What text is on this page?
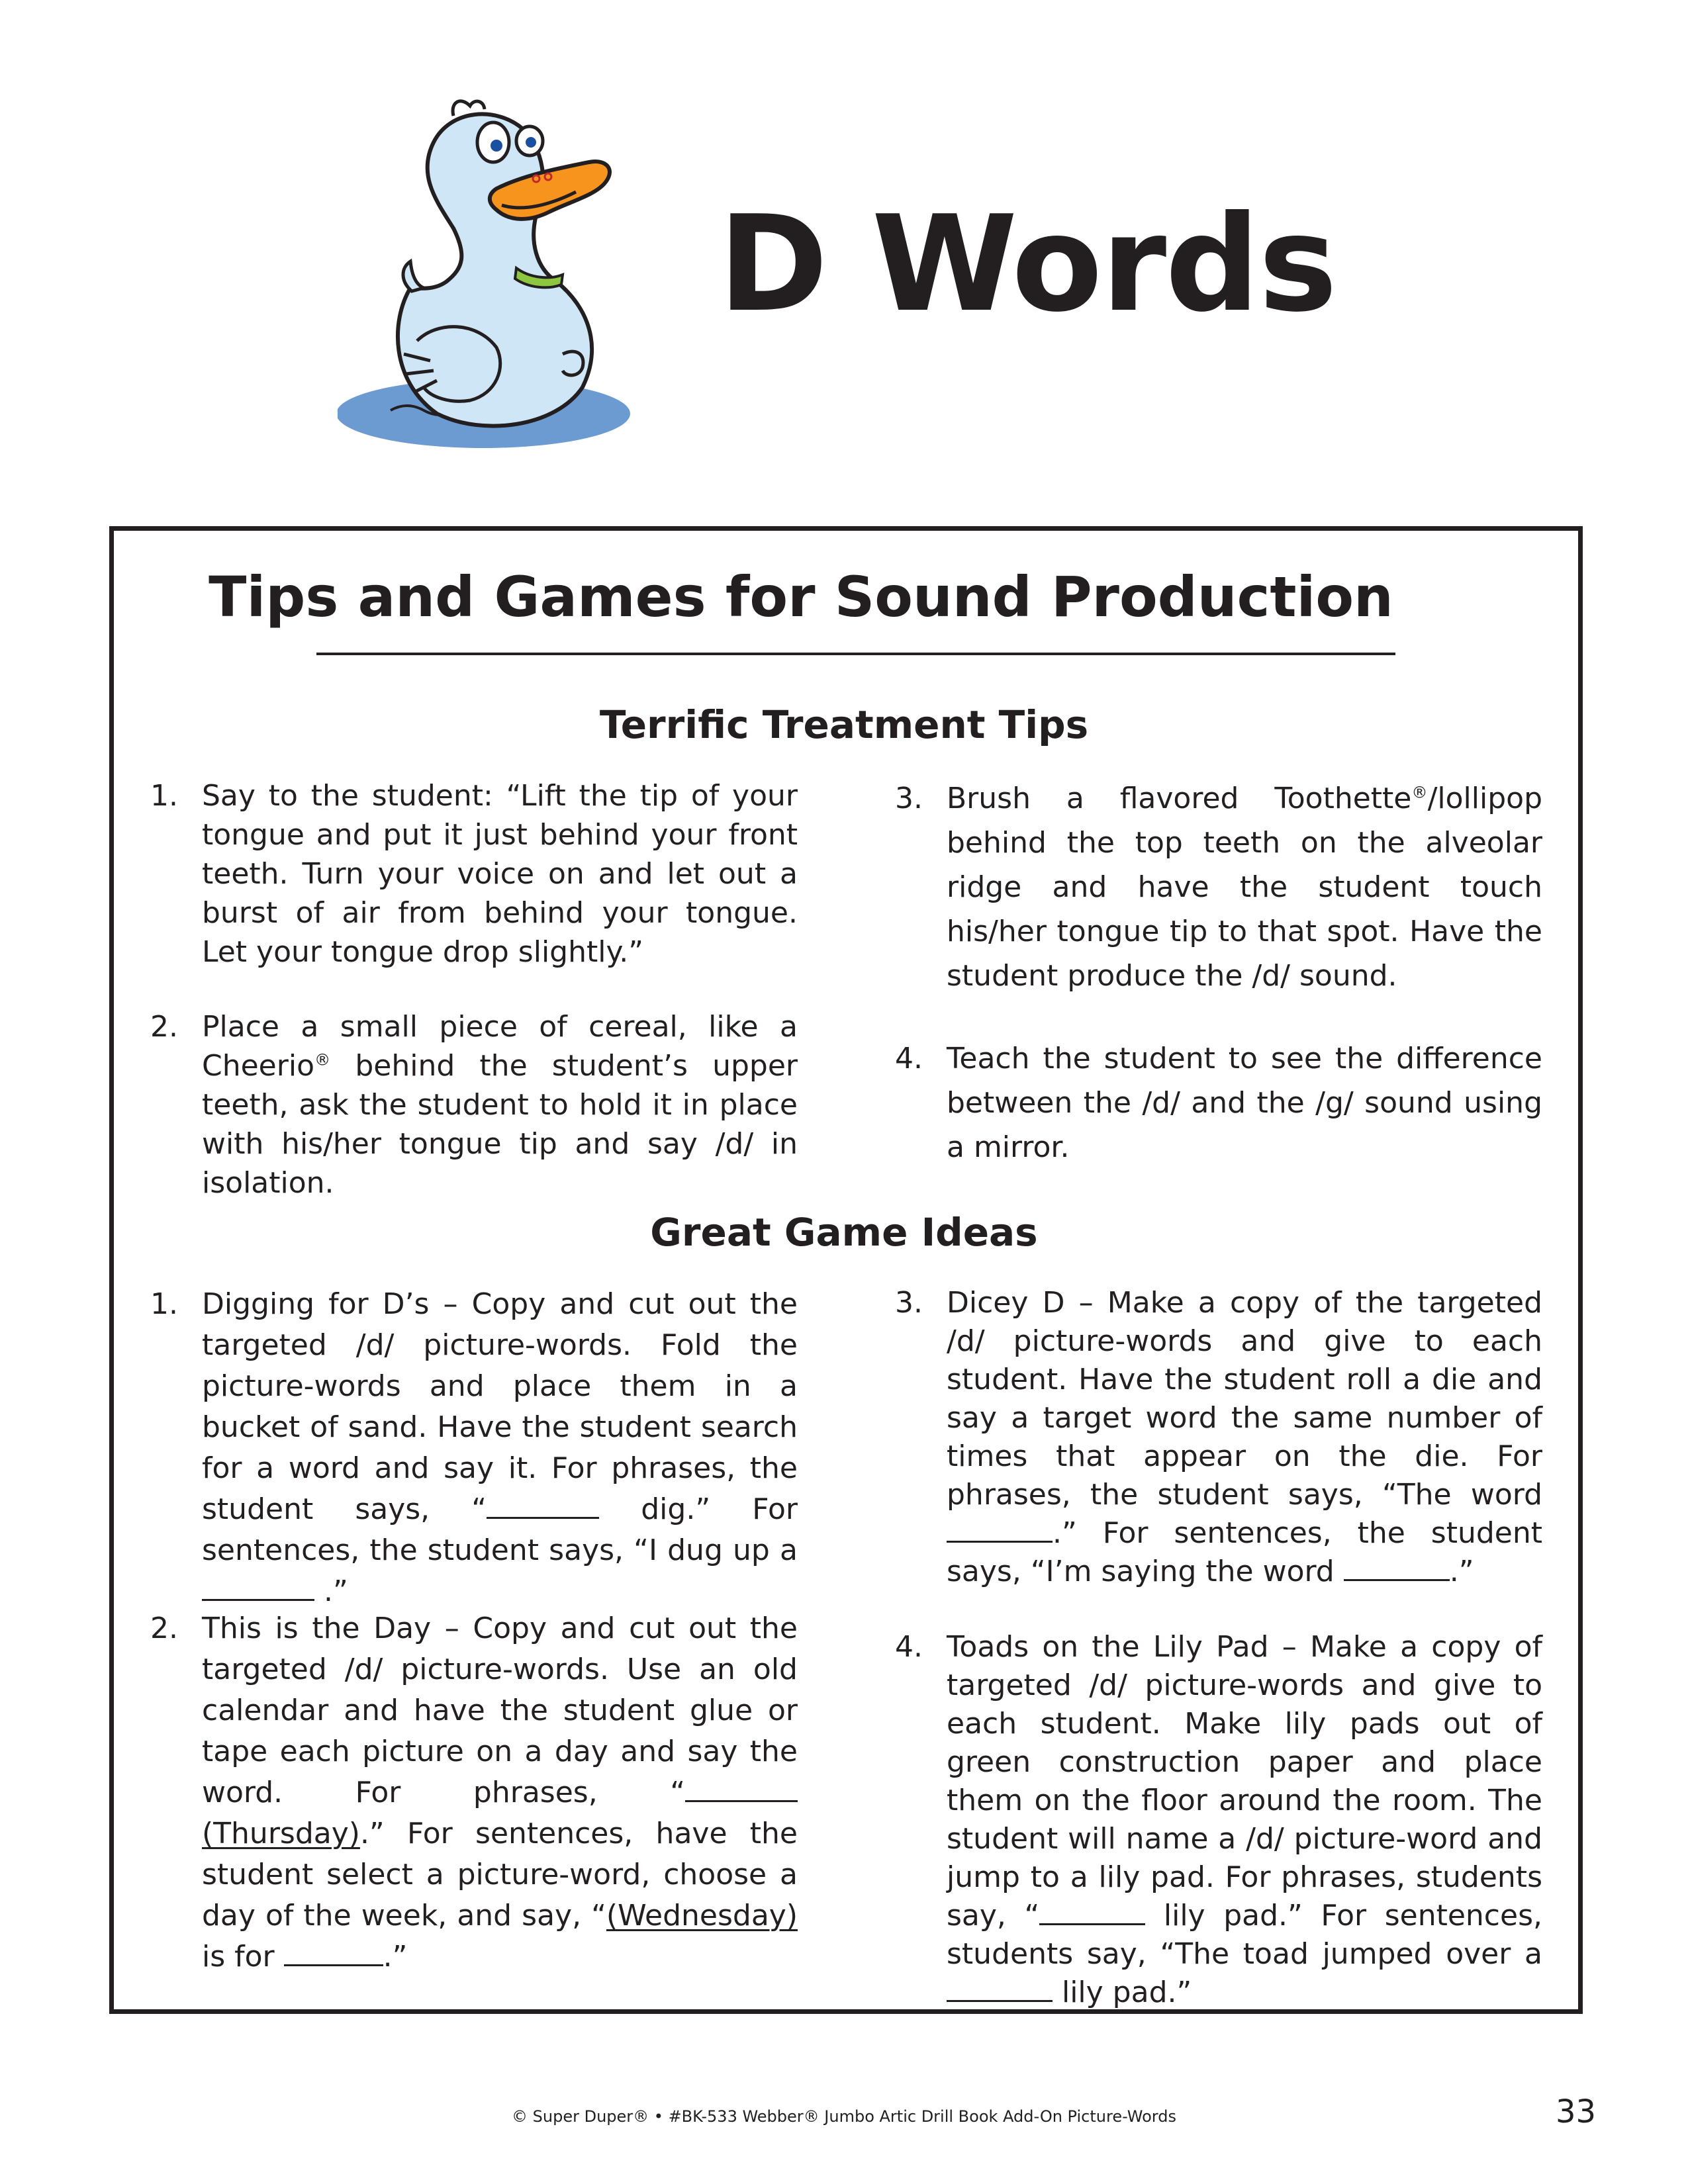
D Words
Tips and Games for Sound Production
Terrific Treatment Tips
1. Say to the student: “Lift the tip of your tongue and put it just behind your front teeth. Turn your voice on and let out a burst of air from behind your tongue. Let your tongue drop slightly.”
2. Place a small piece of cereal, like a Cheerio® behind the student’s upper teeth, ask the student to hold it in place with his/her tongue tip and say /d/ in isolation.
3. Brush a flavored Toothette®/lollipop behind the top teeth on the alveolar ridge and have the student touch his/her tongue tip to that spot. Have the student produce the /d/ sound.
4. Teach the student to see the difference between the /d/ and the /g/ sound using a mirror.
Great Game Ideas
1. Digging for D’s – Copy and cut out the targeted /d/ picture-words. Fold the picture-words and place them in a bucket of sand. Have the student search for a word and say it. For phrases, the student says, “	dig.” For sentences, the student says, “I dug up a  .”
2. This is the Day – Copy and cut out the targeted /d/ picture-words. Use an old calendar and have the student glue or tape each picture on a day and say the word. For phrases, “ (Thursday).” For sentences, have the student select a picture-word, choose a day of the week, and say, “(Wednesday) is for	.”
3. Dicey D – Make a copy of the targeted /d/ picture-words and give to each student. Have the student roll a die and say a target word the same number of times that appear on the die. For phrases, the student says, “The word .” For sentences, the student says, “I’m saying the word	.”
4. Toads on the Lily Pad – Make a copy of targeted /d/ picture-words and give to each student. Make lily pads out of green construction paper and place them on the floor around the room. The student will name a /d/ picture-word and jump to a lily pad. For phrases, students say, “	lily pad.” For sentences, students say, “The toad jumped over a  lily pad.”
© Super Duper® • #BK-533 Webber® Jumbo Artic Drill Book Add-On Picture-Words	33
